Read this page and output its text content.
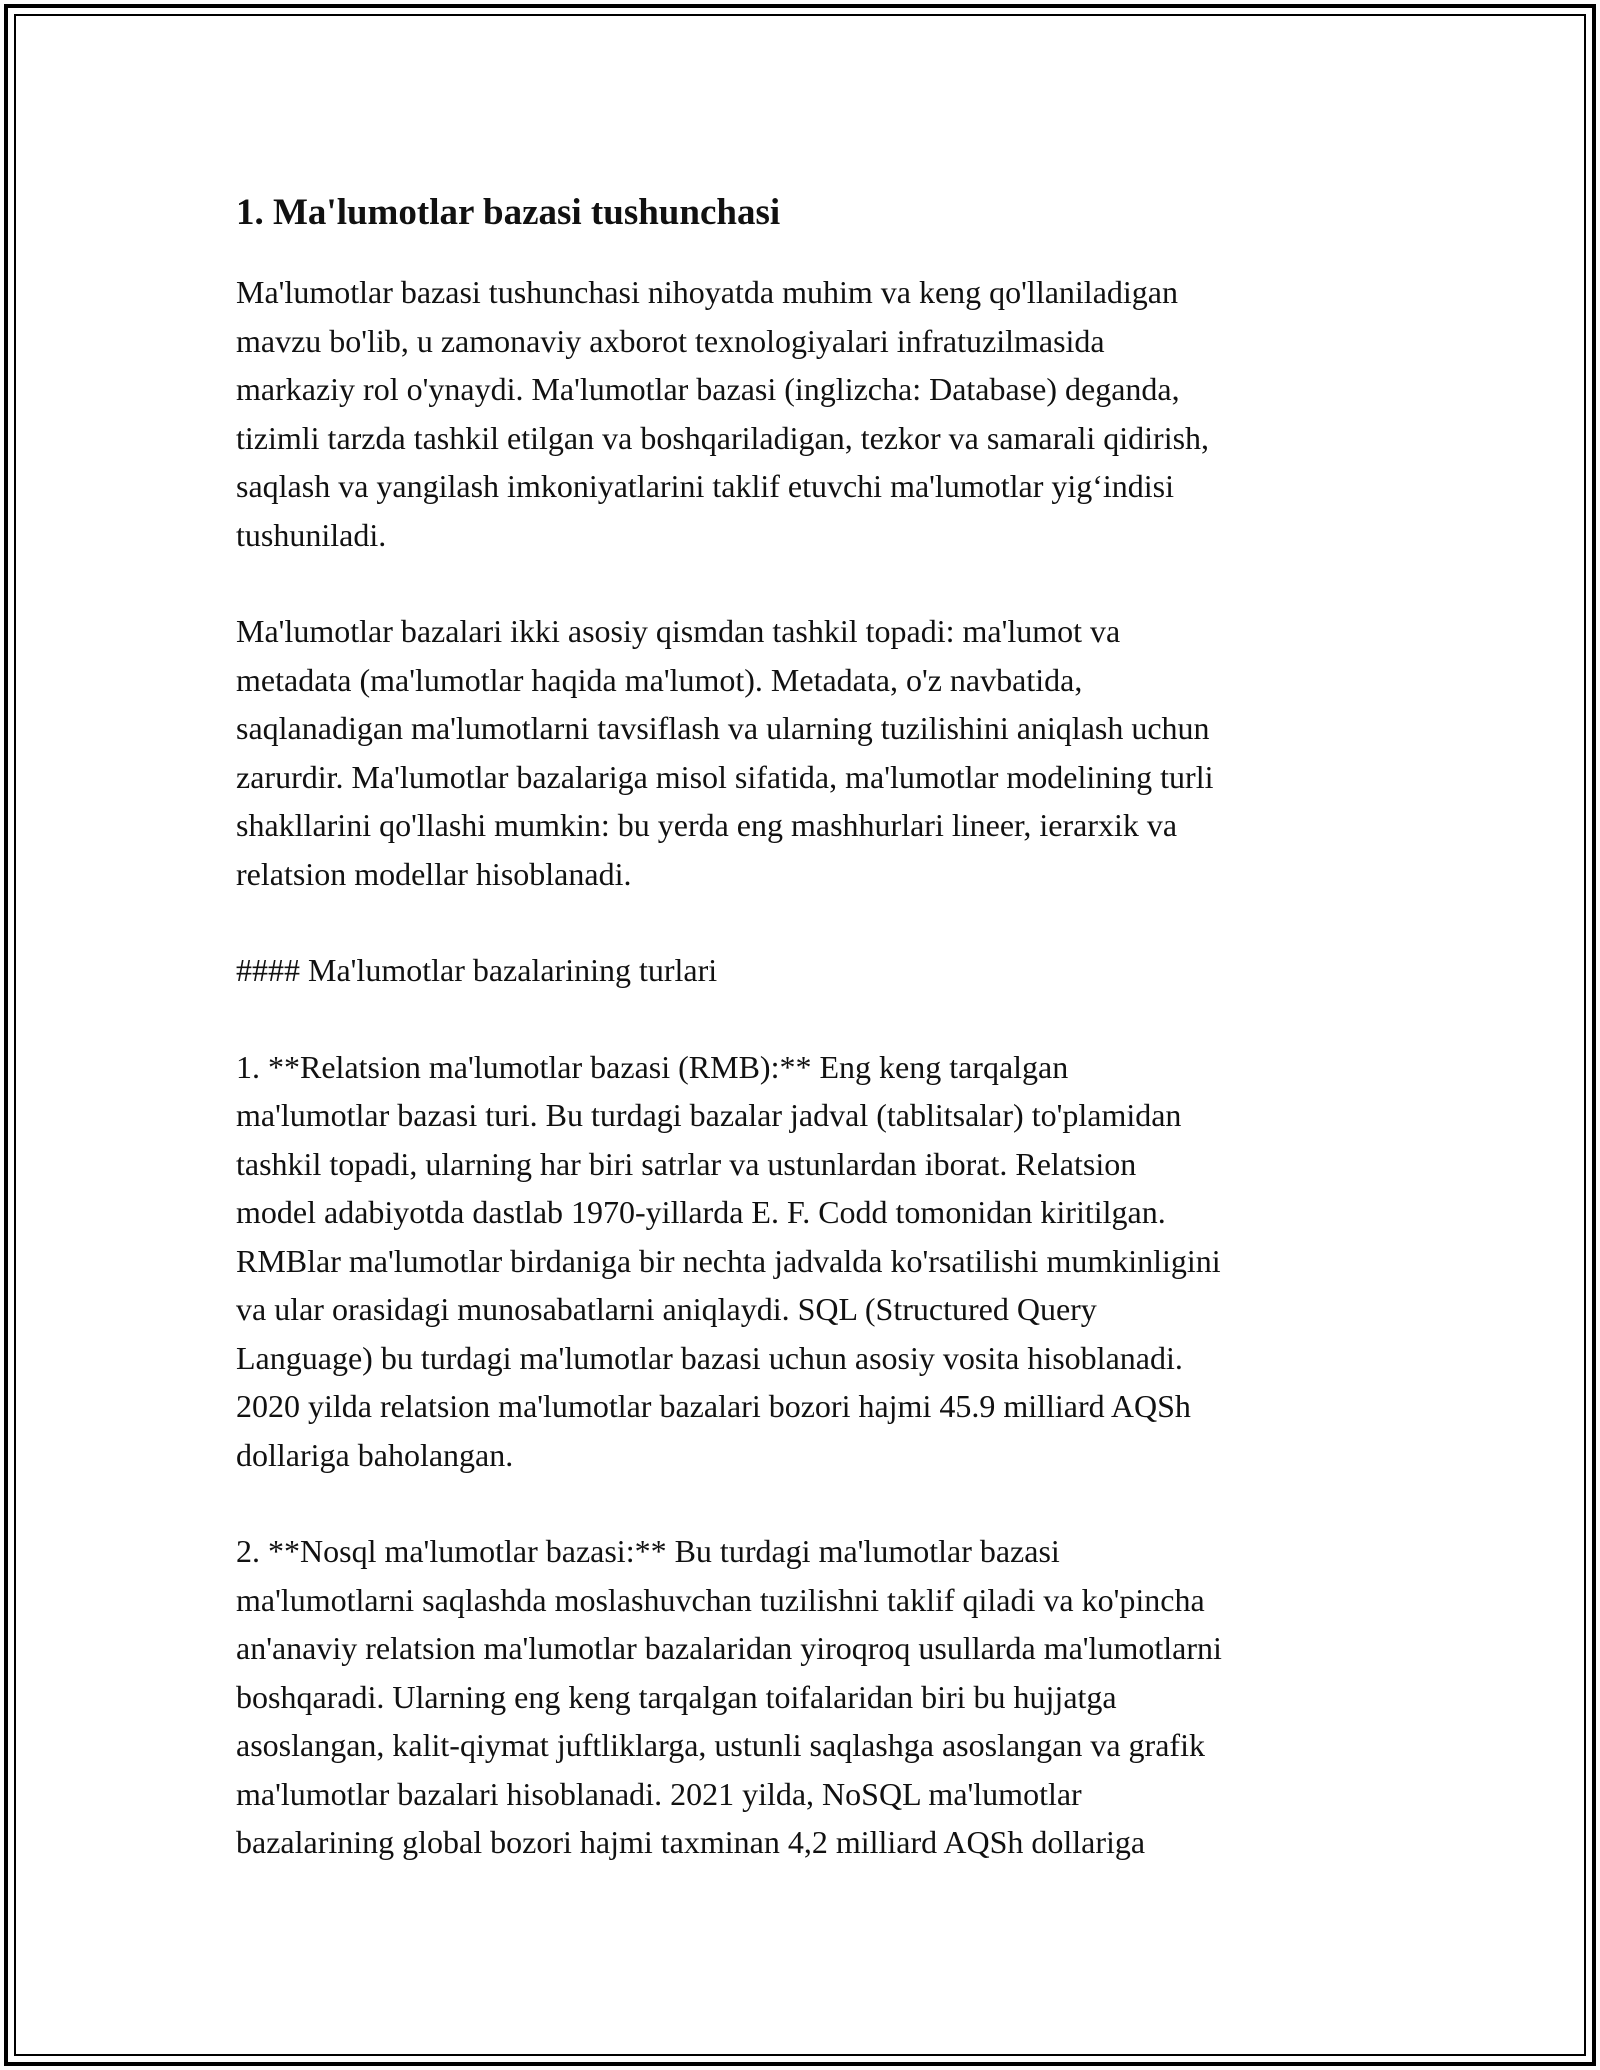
1. Ma'lumotlar bazasi tushunchasi

Ma'lumotlar bazasi tushunchasi nihoyatda muhim va keng qo'llaniladigan
mavzu bo'lib, u zamonaviy axborot texnologiyalari infratuzilmasida
markaziy rol o'ynaydi. Ma'lumotlar bazasi (inglizcha: Database) deganda,
tizimli tarzda tashkil etilgan va boshqariladigan, tezkor va samarali qidirish,
saqlash va yangilash imkoniyatlarini taklif etuvchi ma'lumotlar yig‘indisi
tushuniladi.

Ma'lumotlar bazalari ikki asosiy qismdan tashkil topadi: ma'lumot va
metadata (ma'lumotlar haqida ma'lumot). Metadata, o'z navbatida,
saqlanadigan ma'lumotlarni tavsiflash va ularning tuzilishini aniqlash uchun
zarurdir. Ma'lumotlar bazalariga misol sifatida, ma'lumotlar modelining turli
shakllarini qo'llashi mumkin: bu yerda eng mashhurlari lineer, ierarxik va
relatsion modellar hisoblanadi.

#### Ma'lumotlar bazalarining turlari

1. **Relatsion ma'lumotlar bazasi (RMB):** Eng keng tarqalgan
ma'lumotlar bazasi turi. Bu turdagi bazalar jadval (tablitsalar) to'plamidan
tashkil topadi, ularning har biri satrlar va ustunlardan iborat. Relatsion
model adabiyotda dastlab 1970-yillarda E. F. Codd tomonidan kiritilgan.
RMBlar ma'lumotlar birdaniga bir nechta jadvalda ko'rsatilishi mumkinligini
va ular orasidagi munosabatlarni aniqlaydi. SQL (Structured Query
Language) bu turdagi ma'lumotlar bazasi uchun asosiy vosita hisoblanadi.
2020 yilda relatsion ma'lumotlar bazalari bozori hajmi 45.9 milliard AQSh
dollariga baholangan.

2. **Nosql ma'lumotlar bazasi:** Bu turdagi ma'lumotlar bazasi
ma'lumotlarni saqlashda moslashuvchan tuzilishni taklif qiladi va ko'pincha
an'anaviy relatsion ma'lumotlar bazalaridan yiroqroq usullarda ma'lumotlarni
boshqaradi. Ularning eng keng tarqalgan toifalaridan biri bu hujjatga
asoslangan, kalit-qiymat juftliklarga, ustunli saqlashga asoslangan va grafik
ma'lumotlar bazalari hisoblanadi. 2021 yilda, NoSQL ma'lumotlar
bazalarining global bozori hajmi taxminan 4,2 milliard AQSh dollariga
